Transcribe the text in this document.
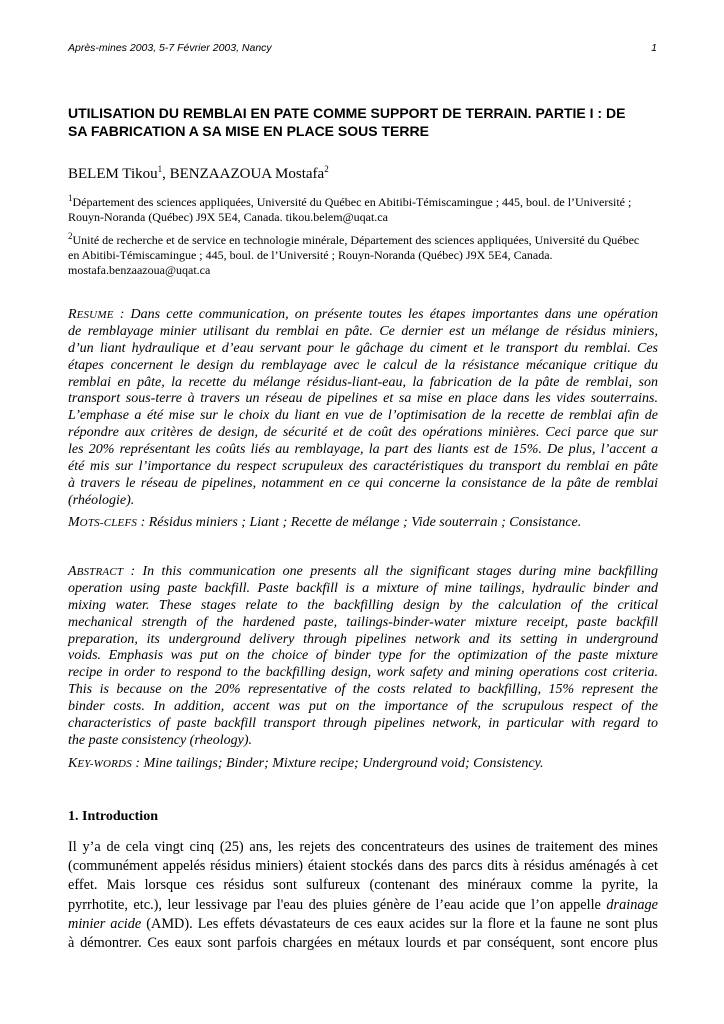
Après-mines 2003, 5-7 Février 2003, Nancy	1
UTILISATION DU REMBLAI EN PATE COMME SUPPORT DE TERRAIN. PARTIE I : DE
SA FABRICATION A SA MISE EN PLACE SOUS TERRE
BELEM Tikou$^1$, BENZAAZOUA Mostafa$^2$
$^1$Département des sciences appliquées, Université du Québec en Abitibi-Témiscamingue ; 445, boul. de l’Université ;
Rouyn-Noranda (Québec) J9X 5E4, Canada. tikou.belem@uqat.ca
$^2$Unité de recherche et de service en technologie minérale, Département des sciences appliquées, Université du Québec
en Abitibi-Témiscamingue ; 445, boul. de l’Université ; Rouyn-Noranda (Québec) J9X 5E4, Canada.
mostafa.benzaazoua@uqat.ca
RESUME : Dans cette communication, on présente toutes les étapes importantes dans une opération
de remblayage minier utilisant du remblai en pâte. Ce dernier est un mélange de résidus miniers,
d’un liant hydraulique et d’eau servant pour le gâchage du ciment et le transport du remblai. Ces
étapes concernent le design du remblayage avec le calcul de la résistance mécanique critique du
remblai en pâte, la recette du mélange résidus-liant-eau, la fabrication de la pâte de remblai, son
transport sous-terre à travers un réseau de pipelines et sa mise en place dans les vides souterrains.
L’emphase a été mise sur le choix du liant en vue de l’optimisation de la recette de remblai afin de
répondre aux critères de design, de sécurité et de coût des opérations minières. Ceci parce que sur
les 20% représentant les coûts liés au remblayage, la part des liants est de 15%. De plus, l’accent a
été mis sur l’importance du respect scrupuleux des caractéristiques du transport du remblai en pâte
à travers le réseau de pipelines, notamment en ce qui concerne la consistance de la pâte de remblai
(rhéologie).
MOTS-CLEFS : Résidus miniers ; Liant ; Recette de mélange ; Vide souterrain ; Consistance.
ABSTRACT : In this communication one presents all the significant stages during mine backfilling
operation using paste backfill. Paste backfill is a mixture of mine tailings, hydraulic binder and
mixing water. These stages relate to the backfilling design by the calculation of the critical
mechanical strength of the hardened paste, tailings-binder-water mixture receipt, paste backfill
preparation, its underground delivery through pipelines network and its setting in underground
voids. Emphasis was put on the choice of binder type for the optimization of the paste mixture
recipe in order to respond to the backfilling design, work safety and mining operations cost criteria.
This is because on the 20% representative of the costs related to backfilling, 15% represent the
binder costs. In addition, accent was put on the importance of the scrupulous respect of the
characteristics of paste backfill transport through pipelines network, in particular with regard to
the paste consistency (rheology).
KEY-WORDS : Mine tailings; Binder; Mixture recipe; Underground void; Consistency.
1. Introduction
Il y’a de cela vingt cinq (25) ans, les rejets des concentrateurs des usines de traitement des mines
(communément appelés résidus miniers) étaient stockés dans des parcs dits à résidus aménagés à cet
effet. Mais lorsque ces résidus sont sulfureux (contenant des minéraux comme la pyrite, la
pyrrhotite, etc.), leur lessivage par l'eau des pluies génère de l’eau acide que l’on appelle drainage
minier acide (AMD). Les effets dévastateurs de ces eaux acides sur la flore et la faune ne sont plus
à démontrer. Ces eaux sont parfois chargées en métaux lourds et par conséquent, sont encore plus
